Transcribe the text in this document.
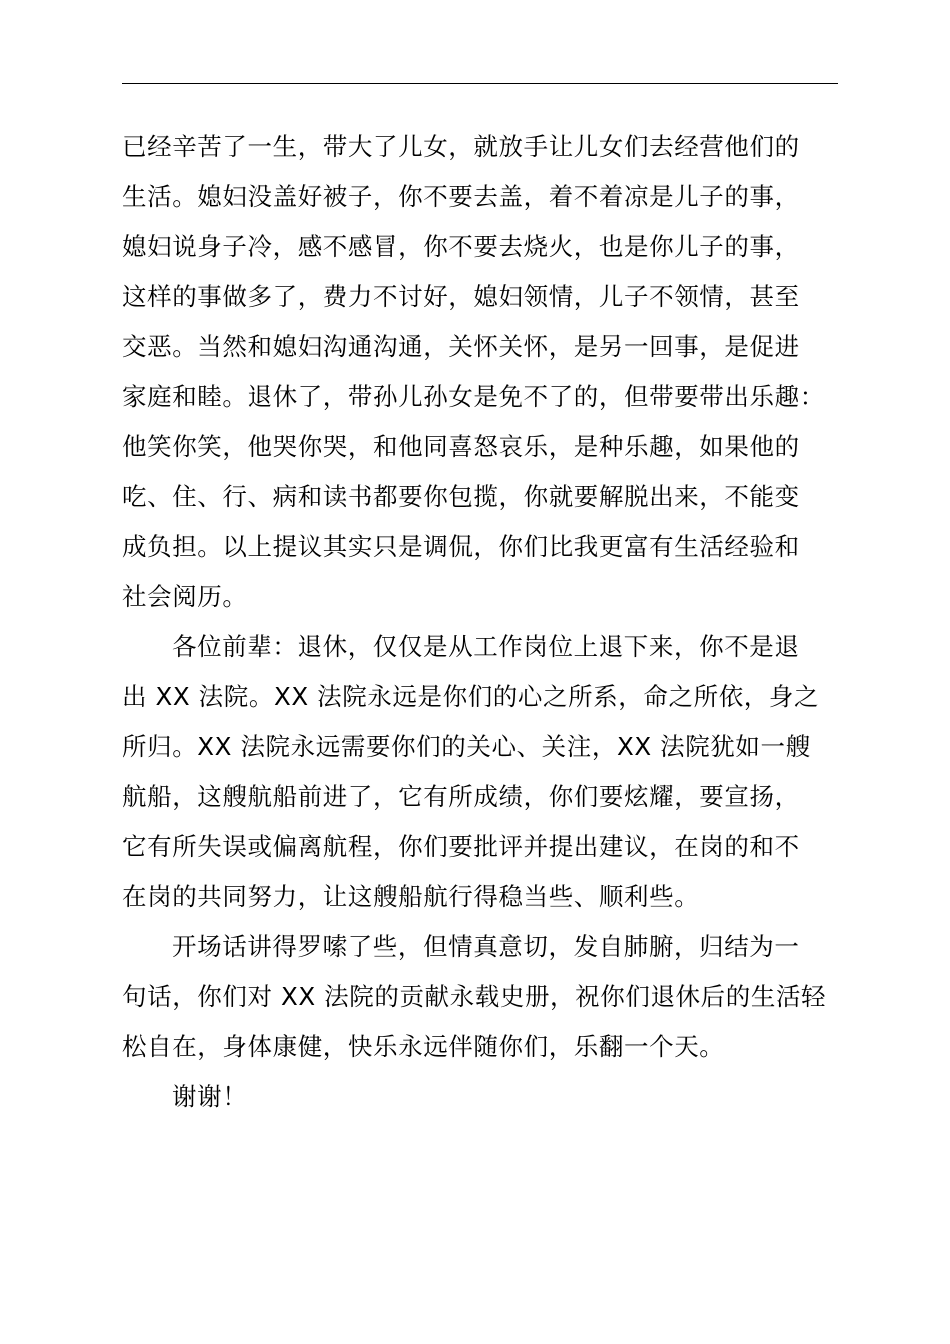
已经辛苦了一生，带大了儿女，就放手让儿女们去经营他们的
生活。媳妇没盖好被子，你不要去盖，着不着凉是儿子的事，
媳妇说身子冷，感不感冒，你不要去烧火，也是你儿子的事，
这样的事做多了，费力不讨好，媳妇领情，儿子不领情，甚至
交恶。当然和媳妇沟通沟通，关怀关怀，是另一回事，是促进
家庭和睦。退休了，带孙儿孙女是免不了的，但带要带出乐趣：
他笑你笑，他哭你哭，和他同喜怒哀乐，是种乐趣，如果他的
吃、住、行、病和读书都要你包揽，你就要解脱出来，不能变
成负担。以上提议其实只是调侃，你们比我更富有生活经验和
社会阅历。
各位前辈：退休，仅仅是从工作岗位上退下来，你不是退
出 XX 法院。XX 法院永远是你们的心之所系，命之所依，身之
所归。XX 法院永远需要你们的关心、关注，XX 法院犹如一艘
航船，这艘航船前进了，它有所成绩，你们要炫耀，要宣扬，
它有所失误或偏离航程，你们要批评并提出建议，在岗的和不
在岗的共同努力，让这艘船航行得稳当些、顺利些。
开场话讲得罗嗦了些，但情真意切，发自肺腑，归结为一
句话，你们对 XX 法院的贡献永载史册，祝你们退休后的生活轻
松自在，身体康健，快乐永远伴随你们，乐翻一个天。
谢谢！
